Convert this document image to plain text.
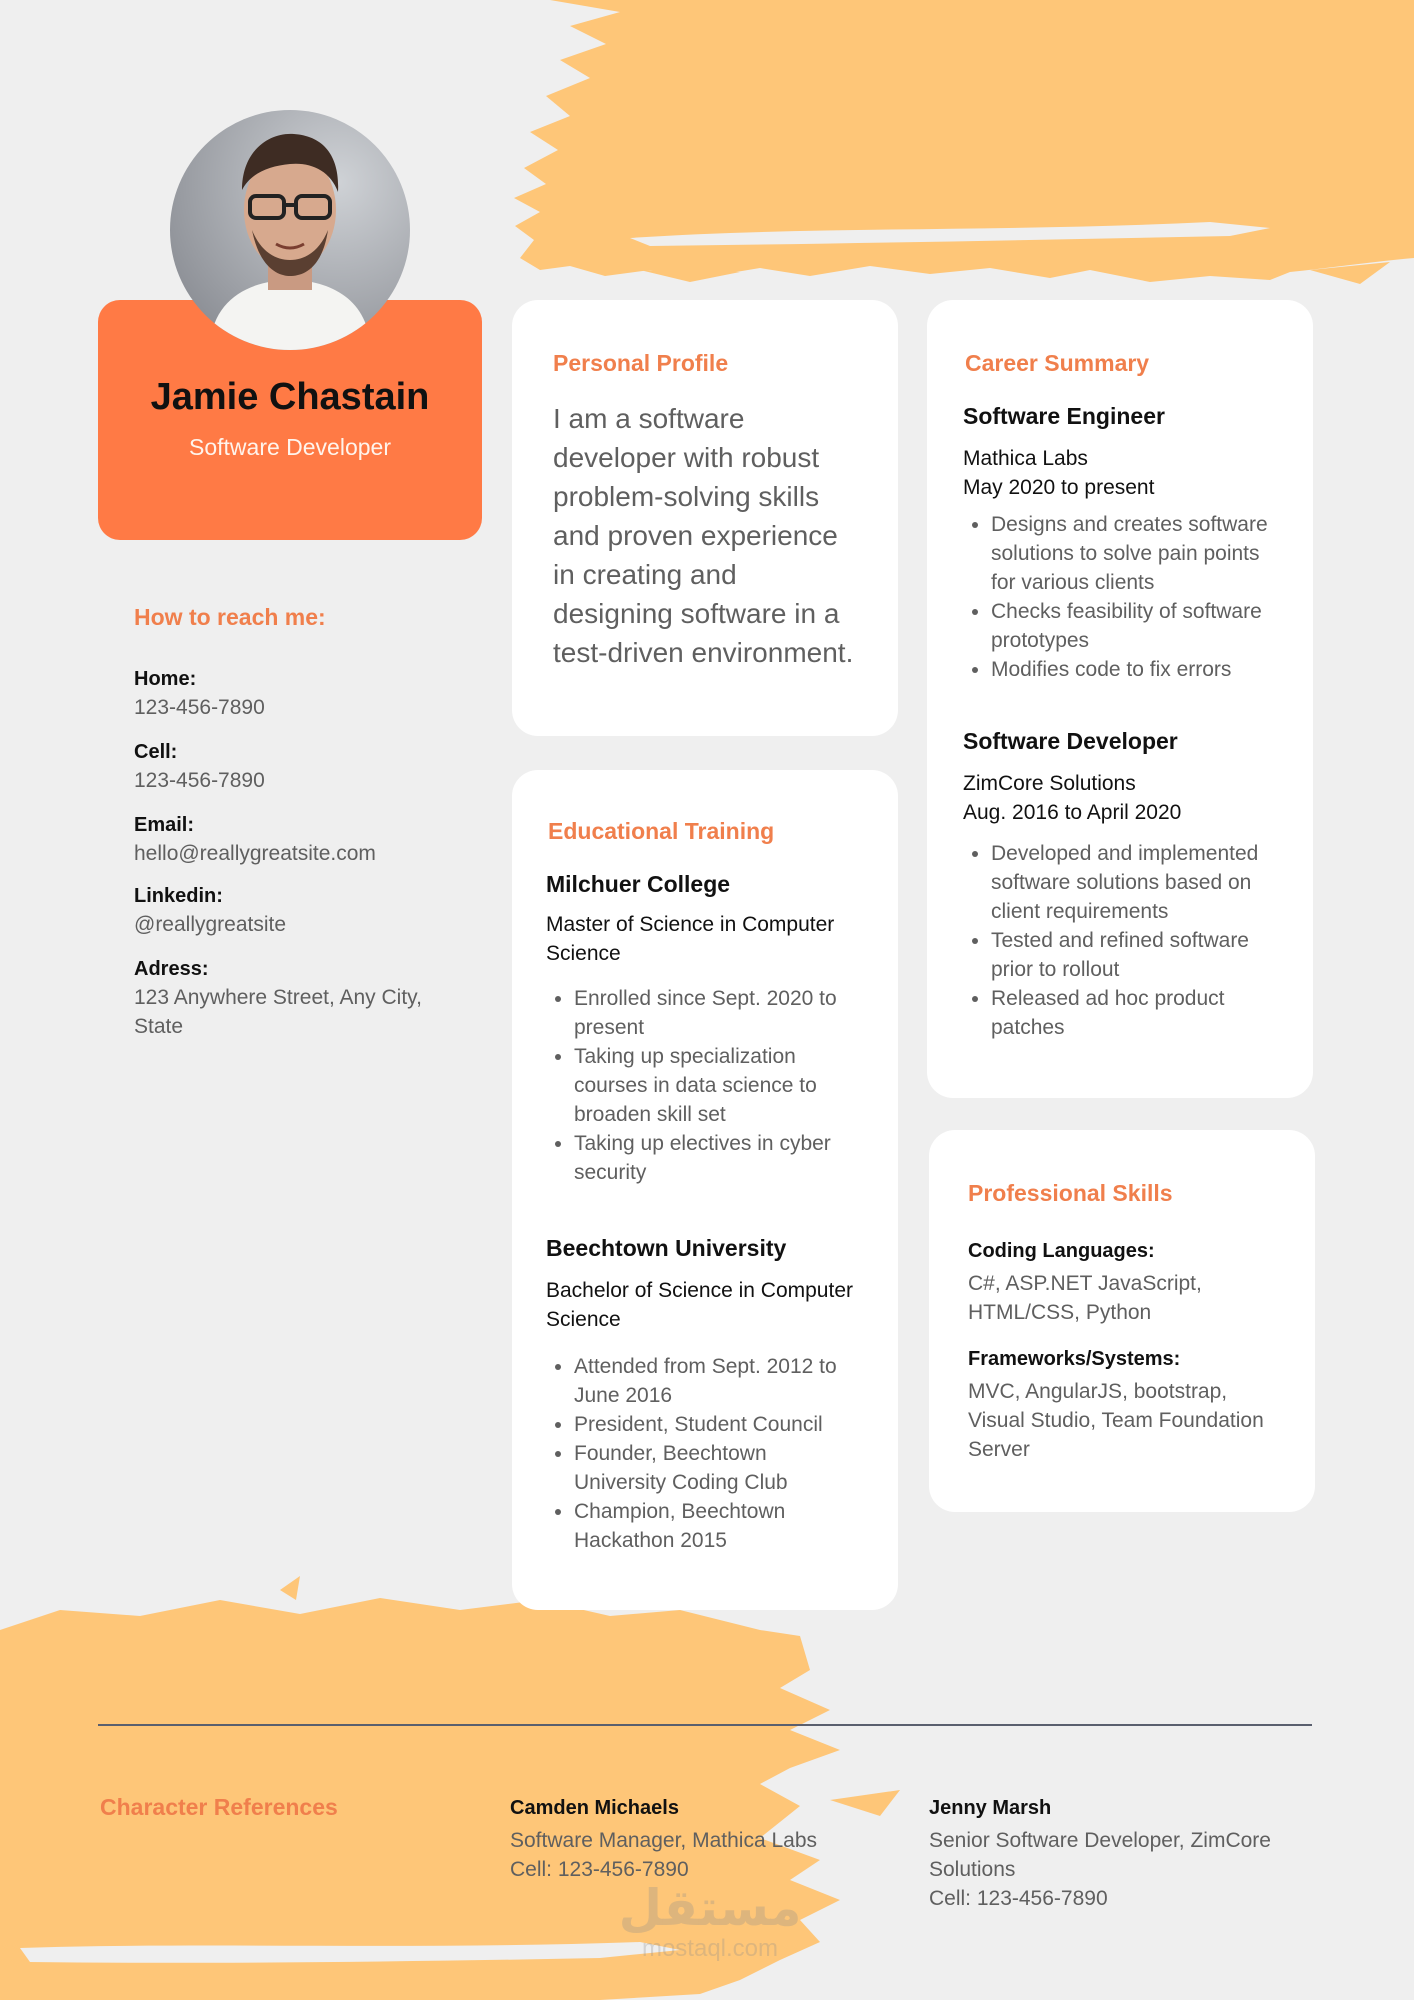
Jamie Chastain
Software Developer

How to reach me:

Home:
123-456-7890
Cell:
123-456-7890
Email:
hello@reallygreatsite.com
Linkedin:
@reallygreatsite
Adress:
123 Anywhere Street, Any City, State

Personal Profile

I am a software developer with robust problem-solving skills and proven experience in creating and designing software in a test-driven environment.

Educational Training

Milchuer College

Master of Science in Computer Science

• Enrolled since Sept. 2020 to present
• Taking up specialization courses in data science to broaden skill set
• Taking up electives in cyber security

Beechtown University

Bachelor of Science in Computer Science

• Attended from Sept. 2012 to June 2016
• President, Student Council
• Founder, Beechtown University Coding Club
• Champion, Beechtown Hackathon 2015

Career Summary

Software Engineer

Mathica Labs

May 2020 to present

• Designs and creates software solutions to solve pain points for various clients
• Checks feasibility of software prototypes
• Modifies code to fix errors

Software Developer

ZimCore Solutions

Aug. 2016 to April 2020

• Developed and implemented software solutions based on client requirements
• Tested and refined software prior to rollout
• Released ad hoc product patches

Professional Skills

Coding Languages:
C#, ASP.NET JavaScript, HTML/CSS, Python
Frameworks/Systems:
MVC, AngularJS, bootstrap, Visual Studio, Team Foundation Server

Character References	Camden Michaels
Software Manager, Mathica Labs
Cell: 123-456-7890
Jenny Marsh
Senior Software Developer, ZimCore Solutions
Cell: 123-456-7890
مستقل
mostaql.com
